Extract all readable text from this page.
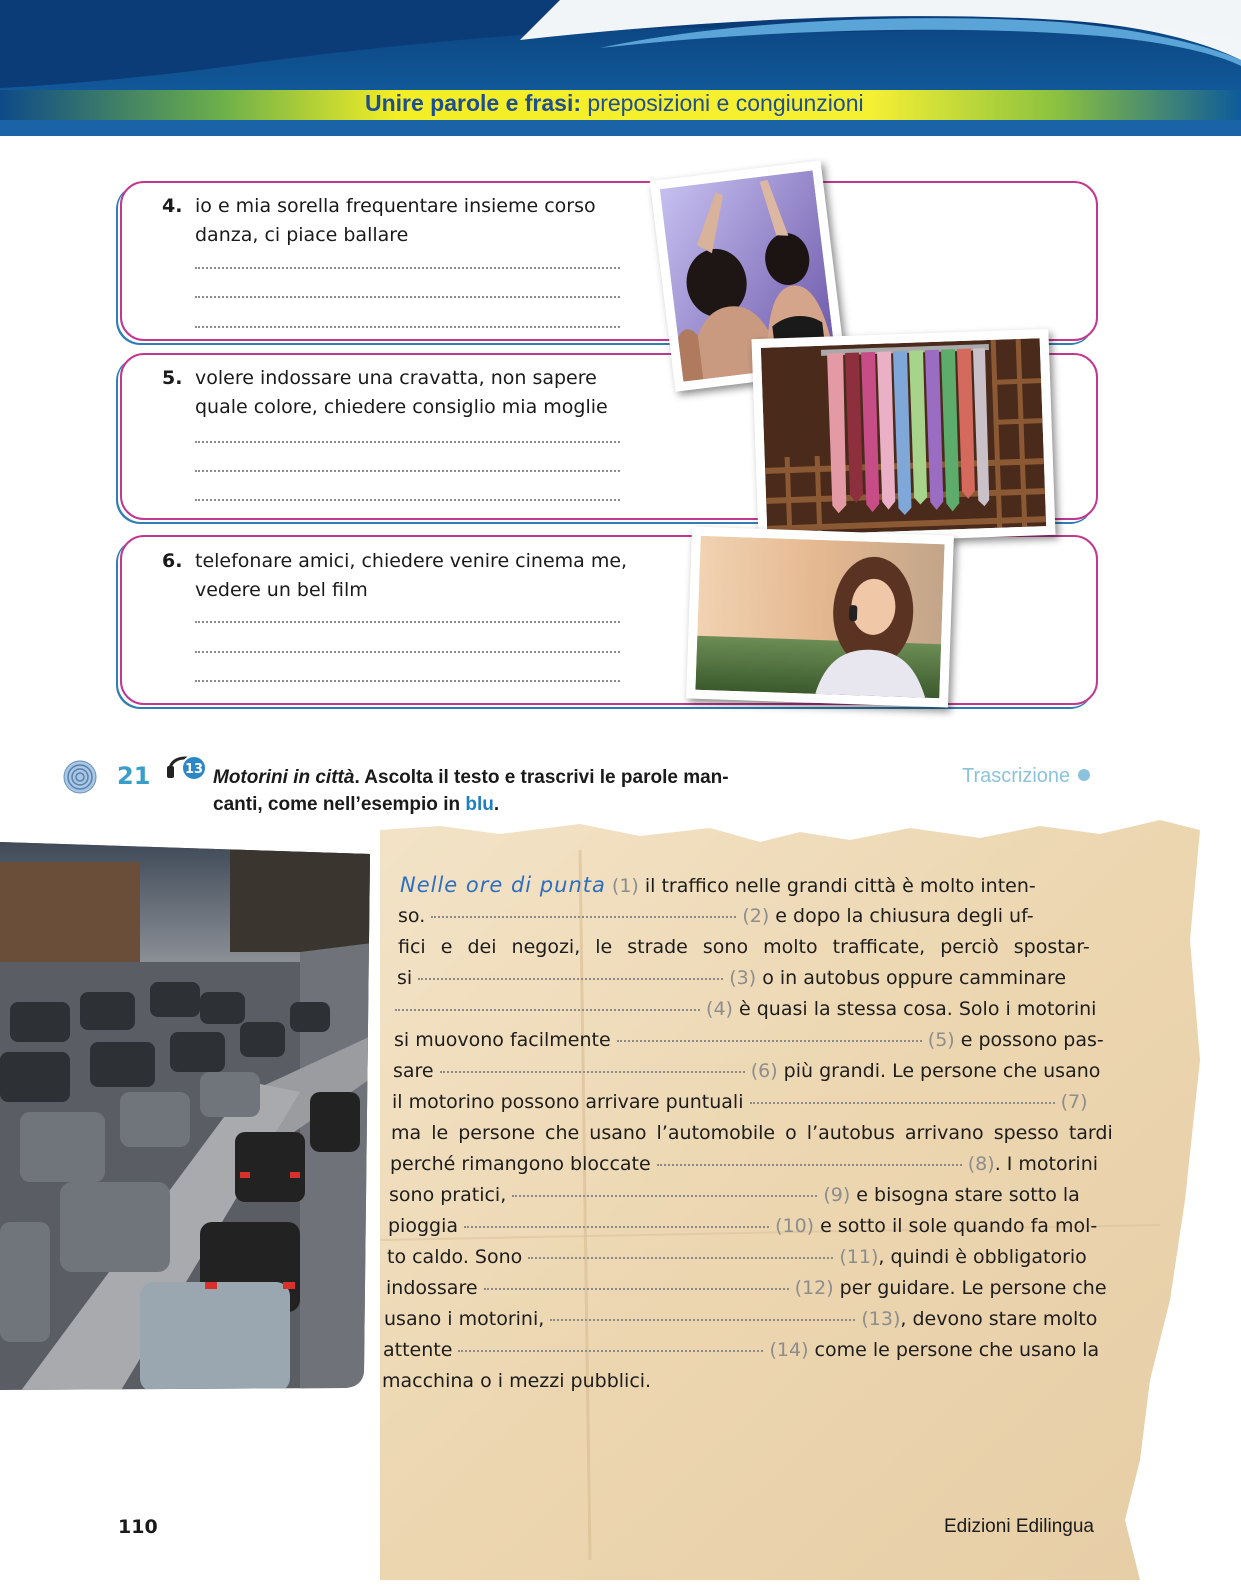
Unire parole e frasi: preposizioni e congiunzioni
4. io e mia sorella frequentare insieme corso
danza, ci piace ballare
5. volere indossare una cravatta, non sapere
quale colore, chiedere consiglio mia moglie
6. telefonare amici, chiedere venire cinema me,
vedere un bel film
21	13 Motorini in città. Ascolta il testo e trascrivi le parole man-
canti, come nell’esempio in blu.
Trascrizione
Nelle ore di punta (1) il traffico nelle grandi città è molto inten-
so.	(2) e dopo la chiusura degli uf-
fici e dei negozi, le strade sono molto trafficate, perciò spostar-
si	(3) o in autobus oppure camminare
(4) è quasi la stessa cosa. Solo i motorini
si muovono facilmente	(5) e possono pas-
sare	(6) più grandi. Le persone che usano
il motorino possono arrivare puntuali	(7)
ma le persone che usano l’automobile o l’autobus arrivano spesso tardi
perché rimangono bloccate	(8). I motorini
sono pratici,	(9) e bisogna stare sotto la
pioggia	(10) e sotto il sole quando fa mol-
to caldo. Sono	(11), quindi è obbligatorio
indossare	(12) per guidare. Le persone che
usano i motorini,	(13), devono stare molto
attente	(14) come le persone che usano la
macchina o i mezzi pubblici.
110	Edizioni Edilingua
